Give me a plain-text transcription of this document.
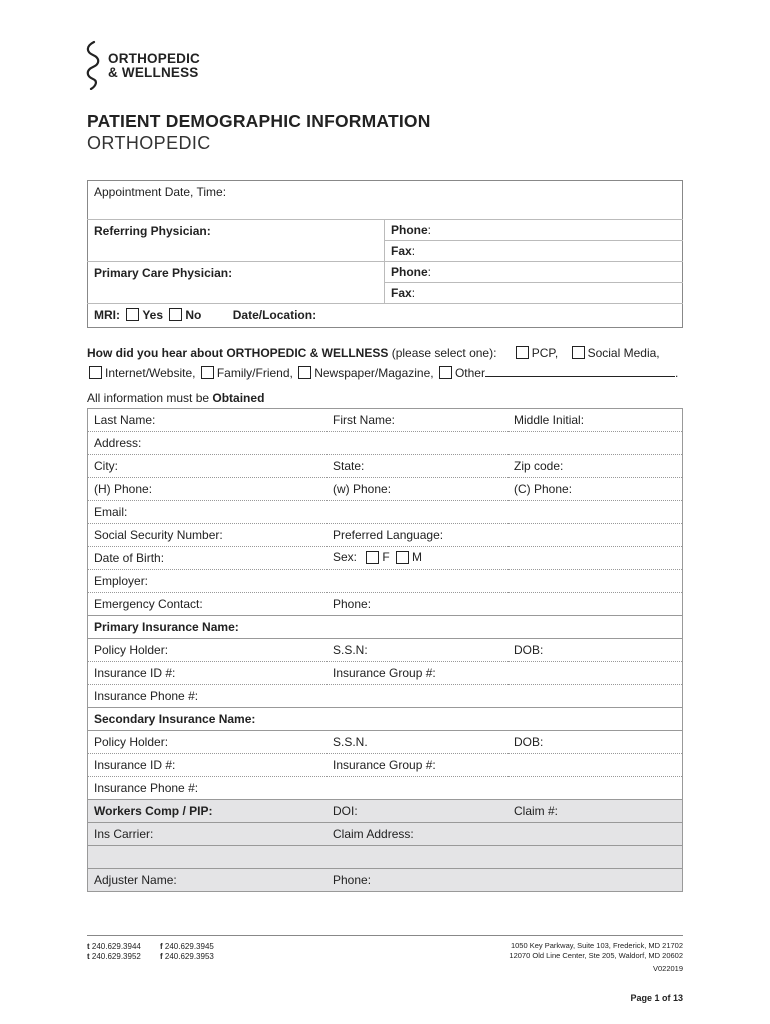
ORTHOPEDIC
& WELLNESS
PATIENT DEMOGRAPHIC INFORMATION
ORTHOPEDIC
Appointment Date, Time:	
Referring Physician:	Phone:
	Fax:
Primary Care Physician:	Phone:
	Fax:
MRI: Yes No Date/Location:	
How did you hear about ORTHOPEDIC & WELLNESS (please select one):	PCP, Social Media,
Internet/Website, Family/Friend, Newspaper/Magazine, Other	.
All information must be Obtained
Last Name:	First Name:	Middle Initial:
Address:		
City:	State:	Zip code:
(H) Phone:	(w) Phone:	(C) Phone:
Email:		
Social Security Number:	Preferred Language:	
Date of Birth:	Sex: F M	
Employer:		
Emergency Contact:	Phone:	
Primary Insurance Name:		
Policy Holder:	S.S.N:	DOB:
Insurance ID #:	Insurance Group #:	
Insurance Phone #:		
Secondary Insurance Name:		
Policy Holder:	S.S.N.	DOB:
Insurance ID #:	Insurance Group #:	
Insurance Phone #:		
Workers Comp / PIP:	DOI:	Claim #:
Ins Carrier:	Claim Address:	

Adjuster Name:	Phone:	
t 240.629.3944
t 240.629.3952
f 240.629.3945
f 240.629.3953
1050 Key Parkway, Suite 103, Frederick, MD 21702
12070 Old Line Center, Ste 205, Waldorf, MD 20602
V022019
Page 1 of 13
